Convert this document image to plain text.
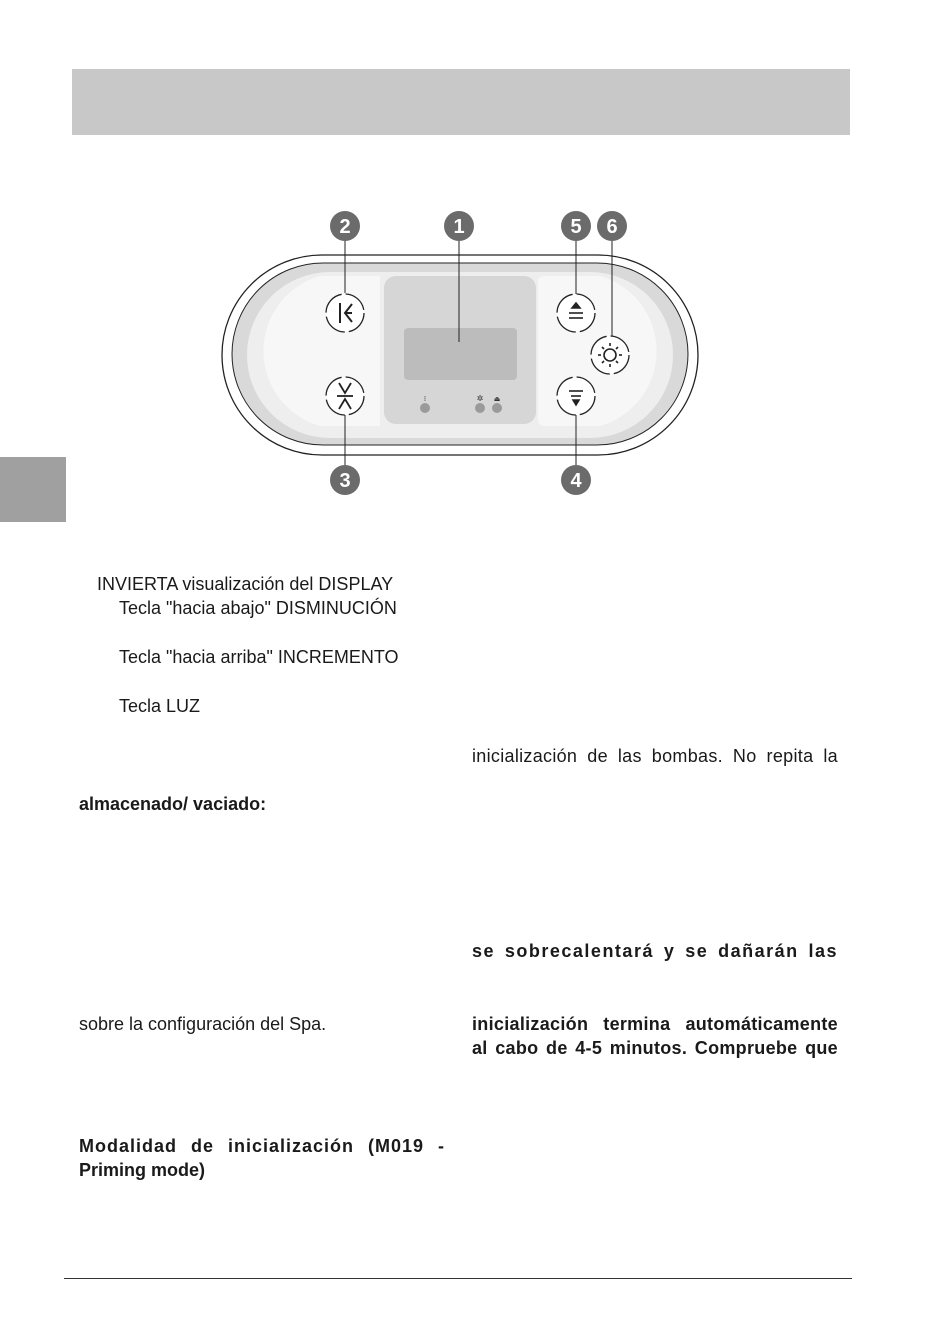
⁞	✲ ⏏
2	1	5 6
3	4
INVIERTA visualización del DISPLAY
Tecla "hacia abajo" DISMINUCIÓN
Tecla "hacia arriba" INCREMENTO
Tecla LUZ
almacenado/ vaciado:
sobre la configuración del Spa.
Modalidad de inicialización (M019 -
Priming mode)
inicialización de las bombas. No repita la
se sobrecalentará y se dañarán las
inicialización termina automáticamente
al cabo de 4-5 minutos. Compruebe que
